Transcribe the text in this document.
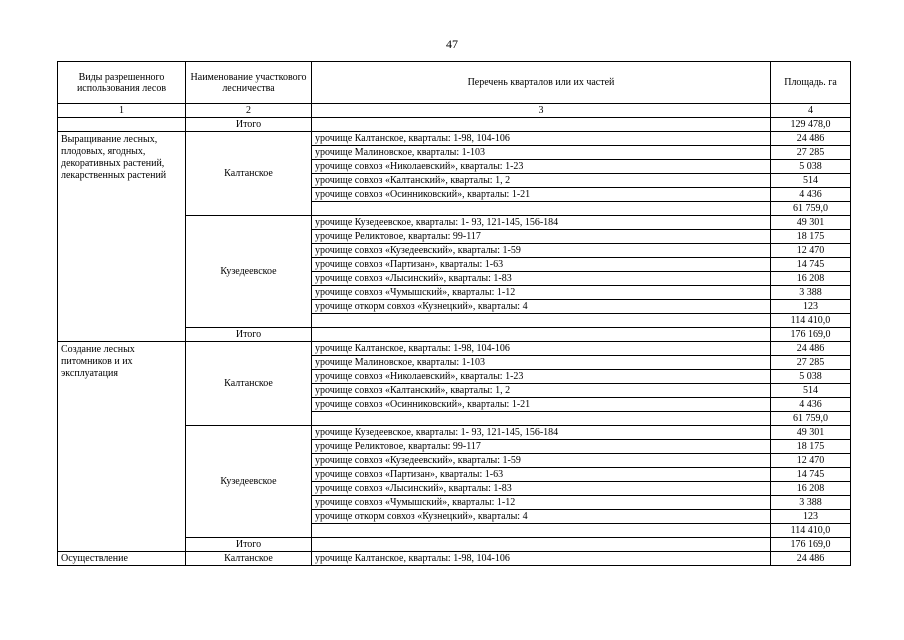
47
Виды разрешенного использования лесов	Наименование участкового лесничества	Перечень кварталов или их частей	Площадь. га
1	2	3	4
	Итого		129 478,0
Выращивание лесных, плодовых, ягодных, декоративных растений, лекарственных растений	Калтанское	урочище Калтанское, кварталы: 1-98, 104-106	24 486
		урочище Малиновское, кварталы: 1-103	27 285
		урочище совхоз «Николаевский», кварталы: 1-23	5 038
		урочище совхоз «Калтанский», кварталы: 1, 2	514
		урочище совхоз «Осинниковский», кварталы: 1-21	4 436
			61 759,0
	Кузедеевское	урочище Кузедеевское, кварталы: 1- 93, 121-145, 156-184	49 301
		урочище Реликтовое, кварталы: 99-117	18 175
		урочище совхоз «Кузедеевский», кварталы: 1-59	12 470
		урочище совхоз «Партизан», кварталы: 1-63	14 745
		урочище совхоз «Лысинский», кварталы: 1-83	16 208
		урочище совхоз «Чумышский», кварталы: 1-12	3 388
		урочище откорм совхоз «Кузнецкий», кварталы: 4	123
			114 410,0
	Итого		176 169,0
Создание лесных питомников и их эксплуатация	Калтанское	урочище Калтанское, кварталы: 1-98, 104-106	24 486
		урочище Малиновское, кварталы: 1-103	27 285
		урочище совхоз «Николаевский», кварталы: 1-23	5 038
		урочище совхоз «Калтанский», кварталы: 1, 2	514
		урочище совхоз «Осинниковский», кварталы: 1-21	4 436
			61 759,0
	Кузедеевское	урочище Кузедеевское, кварталы: 1- 93, 121-145, 156-184	49 301
		урочище Реликтовое, кварталы: 99-117	18 175
		урочище совхоз «Кузедеевский», кварталы: 1-59	12 470
		урочище совхоз «Партизан», кварталы: 1-63	14 745
		урочище совхоз «Лысинский», кварталы: 1-83	16 208
		урочище совхоз «Чумышский», кварталы: 1-12	3 388
		урочище откорм совхоз «Кузнецкий», кварталы: 4	123
			114 410,0
	Итого		176 169,0
Осуществление	Калтанское	урочище Калтанское, кварталы: 1-98, 104-106	24 486
